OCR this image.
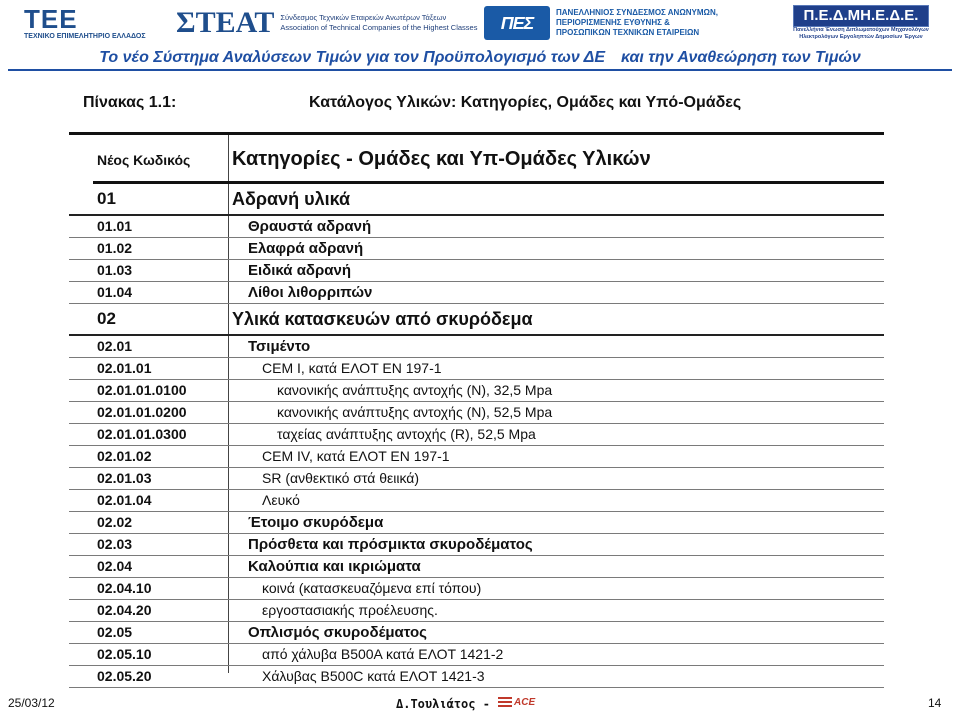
ΤΕΕ
ΤΕΧΝΙΚΟ ΕΠΙΜΕΛΗΤΗΡΙΟ ΕΛΛΑΔΟΣ ΣΤΕΑΤ Σύνδεσμος Τεχνικών Εταιρειών Ανωτέρων Τάξεων
Association of Technical Companies of the Highest Classes ΠΕΣ	ΠΑΝΕΛΛΗΝΙΟΣ ΣΥΝΔΕΣΜΟΣ ΑΝΩΝΥΜΩΝ,
ΠΕΡΙΟΡΙΣΜΕΝΗΣ ΕΥΘΥΝΗΣ &
ΠΡΟΣΩΠΙΚΩΝ ΤΕΧΝΙΚΩΝ ΕΤΑΙΡΕΙΩΝ
Π.Ε.Δ.ΜΗ.Ε.Δ.Ε.
Πανελλήνια Ένωση Διπλωματούχων Μηχανολόγων
Ηλεκτρολόγων Εργοληπτών Δημοσίων Έργων
Το νέο Σύστημα Αναλύσεων Τιμών για τον Προϋπολογισμό των ΔΕ και την Αναθεώρηση των Τιμών
Πίνακας 1.1:	Κατάλογος Υλικών: Κατηγορίες, Ομάδες και Υπό-Ομάδες
Νέος Κωδικός Κατηγορίες - Ομάδες και Υπ-Ομάδες Υλικών
01	Αδρανή υλικά
01.01	Θραυστά αδρανή
01.02	Ελαφρά αδρανή
01.03	Ειδικά αδρανή
01.04	Λίθοι λιθορριπών
02	Υλικά κατασκευών από σκυρόδεμα
02.01	Τσιμέντο
02.01.01	CEM I, κατά ΕΛΟΤ ΕΝ 197-1
02.01.01.0100	κανονικής ανάπτυξης αντοχής (Ν), 32,5 Mpa
02.01.01.0200	κανονικής ανάπτυξης αντοχής (Ν), 52,5 Mpa
02.01.01.0300	ταχείας ανάπτυξης αντοχής (R), 52,5 Mpa
02.01.02	CEM IV, κατά ΕΛΟΤ ΕΝ 197-1
02.01.03	SR (ανθεκτικό στά θειικά)
02.01.04	Λευκό
02.02	Έτοιμο σκυρόδεμα
02.03	Πρόσθετα και πρόσμικτα σκυροδέματος
02.04	Καλούπια και ικριώματα
02.04.10	κοινά (κατασκευαζόμενα επί τόπου)
02.04.20	εργοστασιακής προέλευσης.
02.05	Οπλισμός σκυροδέματος
02.05.10	από χάλυβα B500A κατά ΕΛΟΤ 1421-2
02.05.20	Χάλυβας B500C κατά ΕΛΟΤ 1421-3
25/03/12	Δ.Τουλιάτος - ACE	14
